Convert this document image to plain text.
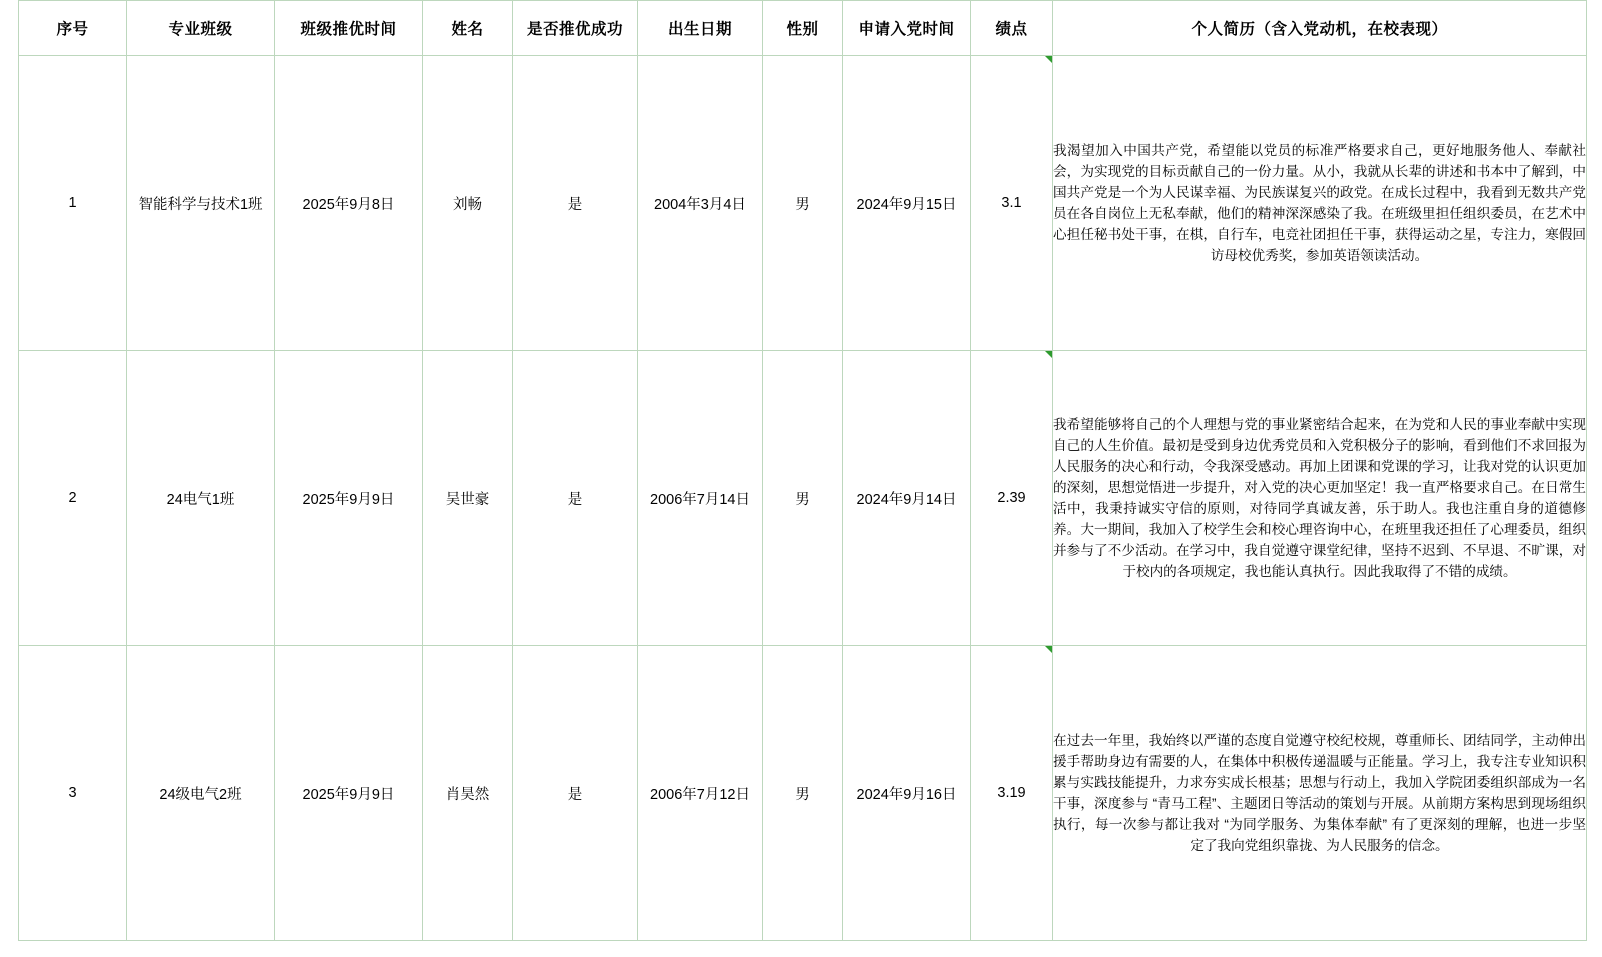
序号	专业班级	班级推优时间	姓名	是否推优成功	出生日期	性别	申请入党时间	绩点	个人简历（含入党动机，在校表现）
1	智能科学与技术1班	2025年9月8日	刘畅	是	2004年3月4日	男	2024年9月15日	3.1	我渴望加入中国共产党，希望能以党员的标准严格要求自己，更好地服务他人、奉献社会，为实现党的目标贡献自己的一份力量。从小，我就从长辈的讲述和书本中了解到，中国共产党是一个为人民谋幸福、为民族谋复兴的政党。在成长过程中，我看到无数共产党员在各自岗位上无私奉献，他们的精神深深感染了我。在班级里担任组织委员，在艺术中心担任秘书处干事，在棋，自行车，电竞社团担任干事，获得运动之星，专注力，寒假回访母校优秀奖，参加英语领读活动。

2	24电气1班	2025年9月9日	吴世豪	是	2006年7月14日	男	2024年9月14日	2.39	我希望能够将自己的个人理想与党的事业紧密结合起来，在为党和人民的事业奉献中实现自己的人生价值。最初是受到身边优秀党员和入党积极分子的影响，看到他们不求回报为人民服务的决心和行动，令我深受感动。再加上团课和党课的学习，让我对党的认识更加的深刻，思想觉悟进一步提升，对入党的决心更加坚定！我一直严格要求自己。在日常生活中，我秉持诚实守信的原则，对待同学真诚友善，乐于助人。我也注重自身的道德修养。大一期间，我加入了校学生会和校心理咨询中心，在班里我还担任了心理委员，组织并参与了不少活动。在学习中，我自觉遵守课堂纪律，坚持不迟到、不早退、不旷课，对于校内的各项规定，我也能认真执行。因此我取得了不错的成绩。

3	24级电气2班	2025年9月9日	肖昊然	是	2006年7月12日	男	2024年9月16日	3.19	在过去一年里，我始终以严谨的态度自觉遵守校纪校规，尊重师长、团结同学，主动伸出援手帮助身边有需要的人，在集体中积极传递温暖与正能量。学习上，我专注专业知识积累与实践技能提升，力求夯实成长根基；思想与行动上，我加入学院团委组织部成为一名干事，深度参与 “青马工程”、主题团日等活动的策划与开展。从前期方案构思到现场组织执行，每一次参与都让我对 “为同学服务、为集体奉献” 有了更深刻的理解，也进一步坚定了我向党组织靠拢、为人民服务的信念。
